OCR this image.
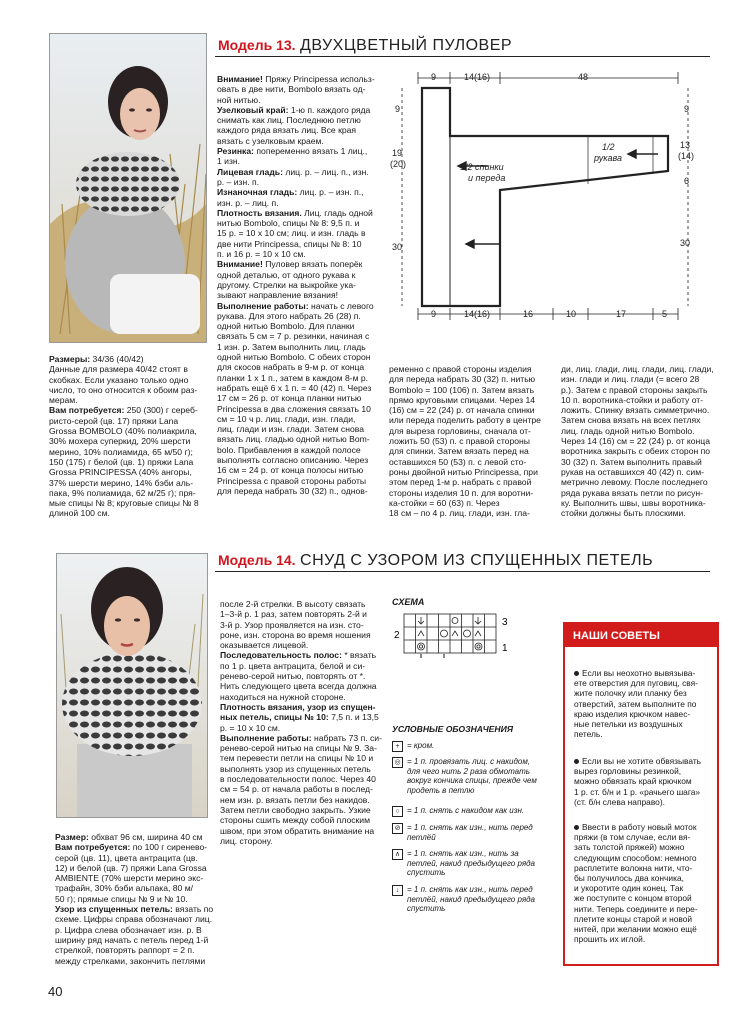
Модель 13. ДВУХЦВЕТНЫЙ ПУЛОВЕР
Размеры: 34/36 (40/42)
Данные для размера 40/42 стоят в
скобках. Если указано только одно
число, то оно относится к обоим раз-
мерам.
Вам потребуется: 250 (300) г сереб-
ристо-серой (цв. 17) пряжи Lana
Grossa BOMBOLO (40% полиакрила,
30% мохера суперкид, 20% шерсти
меринo, 10% полиамида, 65 м/50 г);
150 (175) г белой (цв. 1) пряжи Lana
Grossa PRINCIPESSA (40% ангоры,
37% шерсти мерино, 14% бэби аль-
пака, 9% полиамида, 62 м/25 г); пря-
мые спицы № 8; круговые спицы № 8
длиной 100 см.
Внимание! Пряжу Principessa использ-
овать в две нити, Bombolo вязать од-
ной нитью.
Узелковый край: 1-ю п. каждого ряда
снимать как лиц. Последнюю петлю
каждого ряда вязать лиц. Все края
вязать с узелковым краем.
Резинка: попеременно вязать 1 лиц.,
1 изн.
Лицевая гладь: лиц. р. – лиц. п., изн.
р. – изн. п.
Изнаночная гладь: лиц. р. – изн. п.,
изн. р. – лиц. п.
Плотность вязания. Лиц. гладь одной
нитью Bombolo, спицы № 8: 9,5 п. и
15 р. = 10 х 10 см; лиц. и изн. гладь в
две нити Principessa, спицы № 8: 10
п. и 16 р. = 10 х 10 см.
Внимание! Пуловер вязать поперёк
одной деталью, от одного рукава к
другому. Стрелки на выкройке ука-
зывают направление вязания!
Выполнение работы: начать с левого
рукава. Для этого набрать 26 (28) п.
одной нитью Bombolo. Для планки
связать 5 см = 7 р. резинки, начиная с
1 изн. р. Затем выполнить лиц. гладь
одной нитью Bombolo. С обеих сторон
для скосов набрать в 9-м р. от конца
планки 1 х 1 п., затем в каждом 8-м р.
набрать ещё 6 х 1 п. = 40 (42) п. Через
17 см = 26 р. от конца планки нитью
Principessa в два сложения связать 10
см = 10 ч р. лиц. глади, изн. глади,
лиц. глади и изн. глади. Затем снова
вязать лиц. гладью одной нитью Bom-
bolo. Прибавления в каждой полосе
выполнять согласно описанию. Через
16 см = 24 р. от конца полосы нитью
Principessa с правой стороны работы
для переда набрать 30 (32) п., однов-
ременно с правой стороны изделия
для переда набрать 30 (32) п. нитью
Bombolo = 100 (106) п. Затем вязать
прямо круговыми спицами. Через 14
(16) см = 22 (24) р. от начала спинки
или переда поделить работу в центре
для выреза горловины, сначала от-
ложить 50 (53) п. с правой стороны
для спинки. Затем вязать перед на
оставшихся 50 (53) п. с левой сто-
роны двойной нитью Principessa, при
этом перед 1-м р. набрать с правой
стороны изделия 10 п. для воротни-
ка-стойки = 60 (63) п. Через
18 см – по 4 р. лиц. глади, изн. гла-
ди, лиц. глади, лиц. глади, лиц. глади,
изн. глади и лиц. глади (= всего 28
р.). Затем с правой стороны закрыть
10 п. воротника-стойки и работу от-
ложить. Спинку вязать симметрично.
Затем снова вязать на всех петлях
лиц. гладь одной нитью Bombolo.
Через 14 (16) см = 22 (24) р. от конца
воротника закрыть с обеих сторон по
30 (32) п. Затем выполнить правый
рукав на оставшихся 40 (42) п. сим-
метрично левому. После последнего
ряда рукава вязать петли по рисун-
ку. Выполнить швы, швы воротника-
стойки должны быть плоскими.
9	14(16)	48
9	14(16)	16	10	17	5
9
19
(20)
30
9
13
(14)
6
30
1/2 спинки
и переда
1/2
рукава
Модель 14. СНУД С УЗОРОМ ИЗ СПУЩЕННЫХ ПЕТЕЛЬ
Размер: обхват 96 см, ширина 40 см
Вам потребуется: по 100 г сиренево-
серой (цв. 11), цвета антрацита (цв.
12) и белой (цв. 7) пряжи Lana Grossa
AMBIENTE (70% шерсти мерино экс-
трафайн, 30% бэби альпака, 80 м/
50 г); прямые спицы № 9 и № 10.
Узор из спущенных петель: вязать по
схеме. Цифры справа обозначают лиц.
р. Цифра слева обозначает изн. р. В
ширину ряд начать с петель перед 1-й
стрелкой, повторять раппорт = 2 п.
между стрелками, закончить петлями
после 2-й стрелки. В высоту связать
1–3-й р. 1 раз, затем повторять 2-й и
3-й р. Узор проявляется на изн. сто-
роне, изн. сторона во время ношения
оказывается лицевой.
Последовательность полос: * вязать
по 1 р. цвета антрацита, белой и си-
ренево-серой нитью, повторять от *.
Нить следующего цвета всегда должна
находиться на нужной стороне.
Плотность вязания, узор из спущен-
ных петель, спицы № 10: 7,5 п. и 13,5
р. = 10 х 10 см.
Выполнение работы: набрать 73 п. си-
ренево-серой нитью на спицы № 9. За-
тем перевести петли на спицы № 10 и
выполнять узор из спущенных петель
в последовательности полос. Через 40
см = 54 р. от начала работы в послед-
нем изн. р. вязать петли без накидов.
Затем петли свободно закрыть. Узкие
стороны сшить между собой плоским
швом, при этом обратить внимание на
лиц. сторону.
СХЕМА
2
3
1
УСЛОВНЫЕ ОБОЗНАЧЕНИЯ
+ = кром.
◎ = 1 п. провязать лиц. с накидом,
для чего нить 2 раза обмотать
вокруг кончика спицы, прежде чем
продеть в петлю
○ = 1 п. снять с накидом как изн.
⊘ = 1 п. снять как изн., нить перед
петлёй
∧ = 1 п. снять как изн., нить за
петлей, накид предыдущего ряда
спустить
↓ = 1 п. снять как изн., нить перед
петлёй, накид предыдущего ряда
спустить
НАШИ СОВЕТЫ
Если вы неохотно вывязыва-
ете отверстия для пуговиц, свя-
жите полочку или планку без
отверстий, затем выполните по
краю изделия крючком навес-
ные петельки из воздушных
петель.
Если вы не хотите обвязывать
вырез горловины резинкой,
можно обвязать край крючком
1 р. ст. б/н и 1 р. «рачьего шага»
(ст. б/н слева направо).
Ввести в работу новый моток
пряжи (в том случае, если вя-
зать толстой пряжей) можно
следующим способом: немного
расплетите волокна нити, что-
бы получилось два кончика,
и укоротите один конец. Так
же поступите с концом второй
нити. Теперь соедините и пере-
плетите концы старой и новой
нитей, при желании можно ещё
прошить их иглой.
40
